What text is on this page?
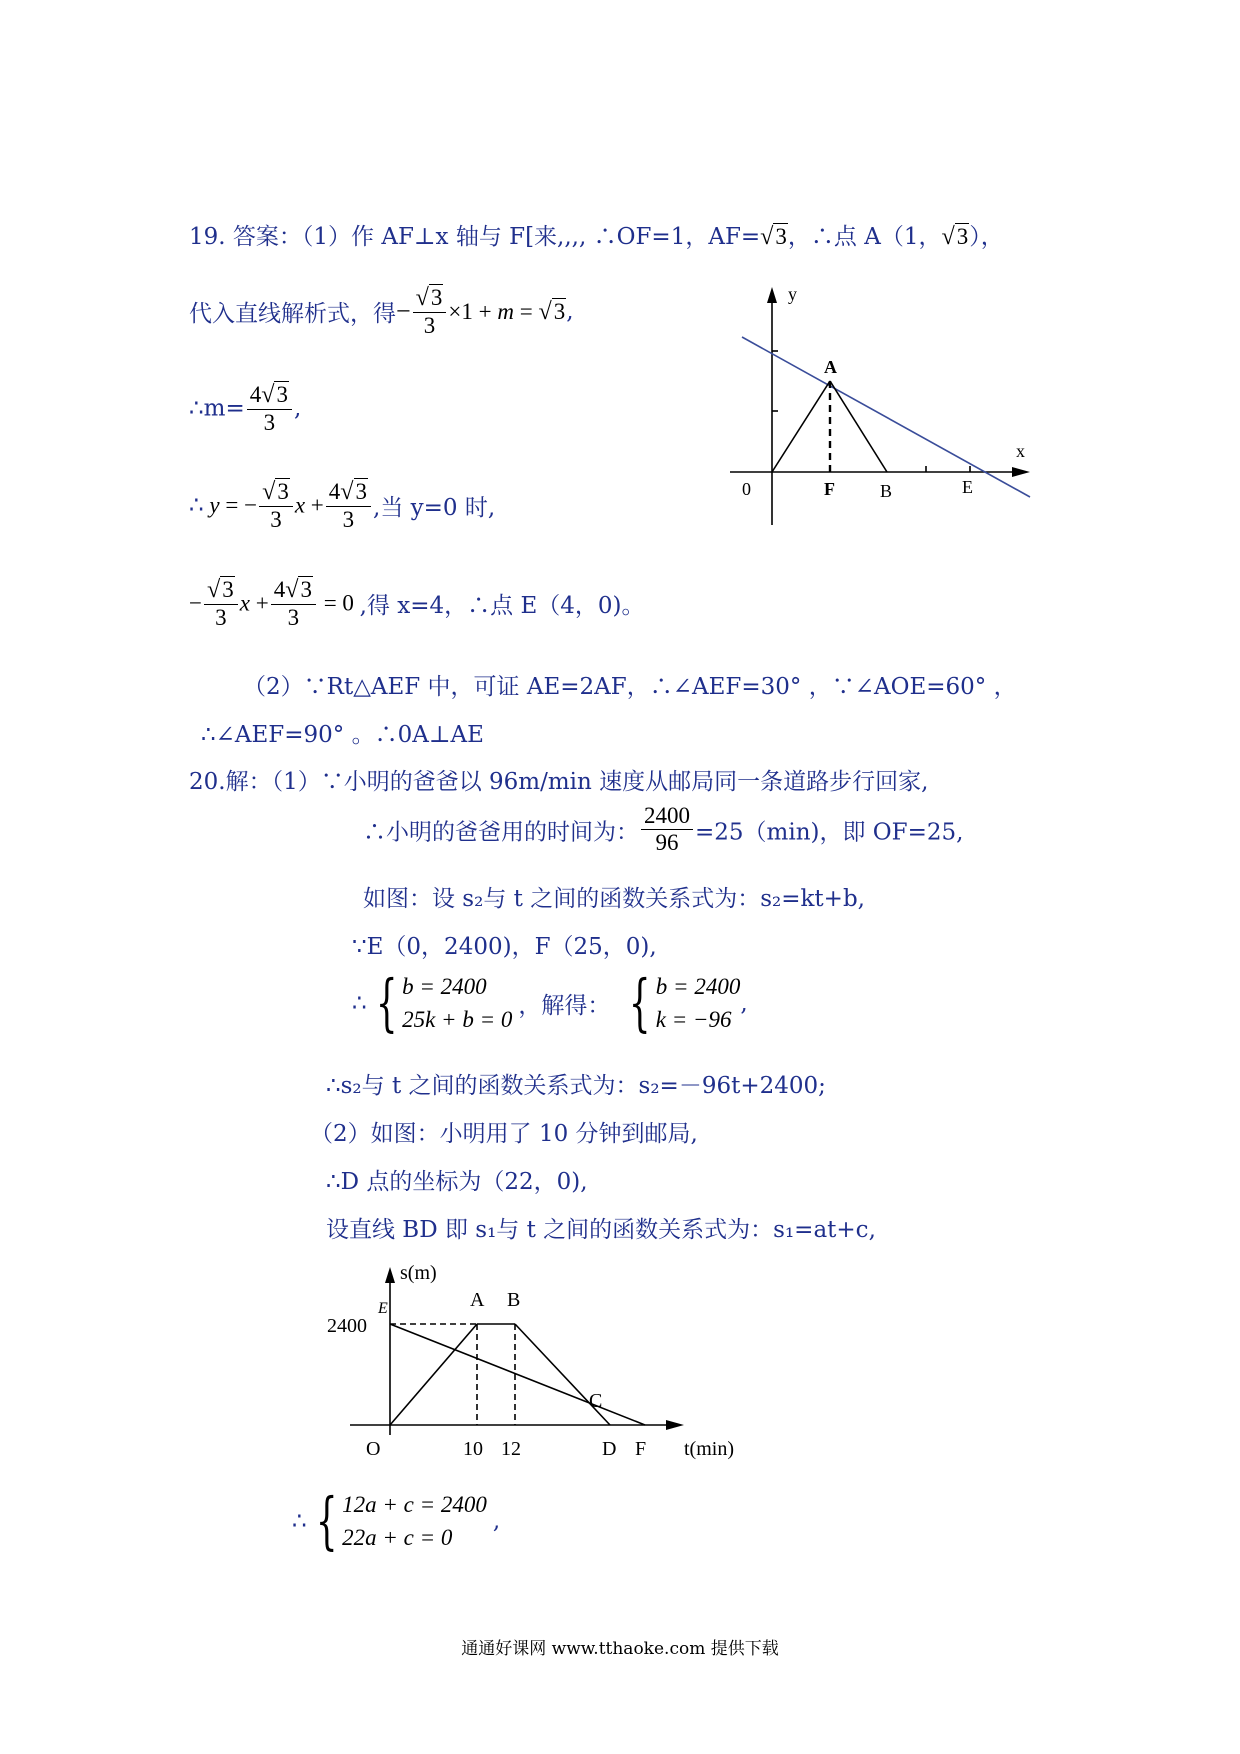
19. 答案：（1）作 AF⊥x 轴与 F[来,,,, ∴OF=1，AF=√3，∴点 A（1，√3），
代入直线解析式，得− $\frac{√3}{3} \times 1 + m = √3$,
∴m= $\frac{4√3}{3}$ ,
∴ y = − $\frac{√3}{3}$ $x + \frac{4√3}{3}$ ,当 y=0 时,
− $\frac{√3}{3}$ $x + \frac{4√3}{3} = 0$ ,得 x=4，∴点 E（4，0)。
（2）∵Rt△AEF 中，可证 AE=2AF，∴∠AEF=30° ，∵∠AOE=60° ，
∴∠AEF=90° 。∴0A⊥AE
y
x
A
0	F	B	E
20.解：（1）∵小明的爸爸以 96m/min 速度从邮局同一条道路步行回家,
∴小明的爸爸用的时间为： $\frac{2400}{96} =25(\min)$，即 OF=25,
如图：设 s₂与 t 之间的函数关系式为：s₂=kt+b,
∵E（0，2400)，F（25，0),
∴ { b = 2400
25k + b = 0
，解得： { b = 2400
k = −96
,
∴s₂与 t 之间的函数关系式为：s₂=－96t+2400;
（2）如图：小明用了 10 分钟到邮局,
∴D 点的坐标为（22，0),
设直线 BD 即 s₁与 t 之间的函数关系式为：s₁=at+c,
s(m)
E
2400
A B
C
O	10 12	D F t(min)
∴ { 12a + c = 2400
22a + c = 0
,
通通好课网 www.tthaoke.com 提供下载
